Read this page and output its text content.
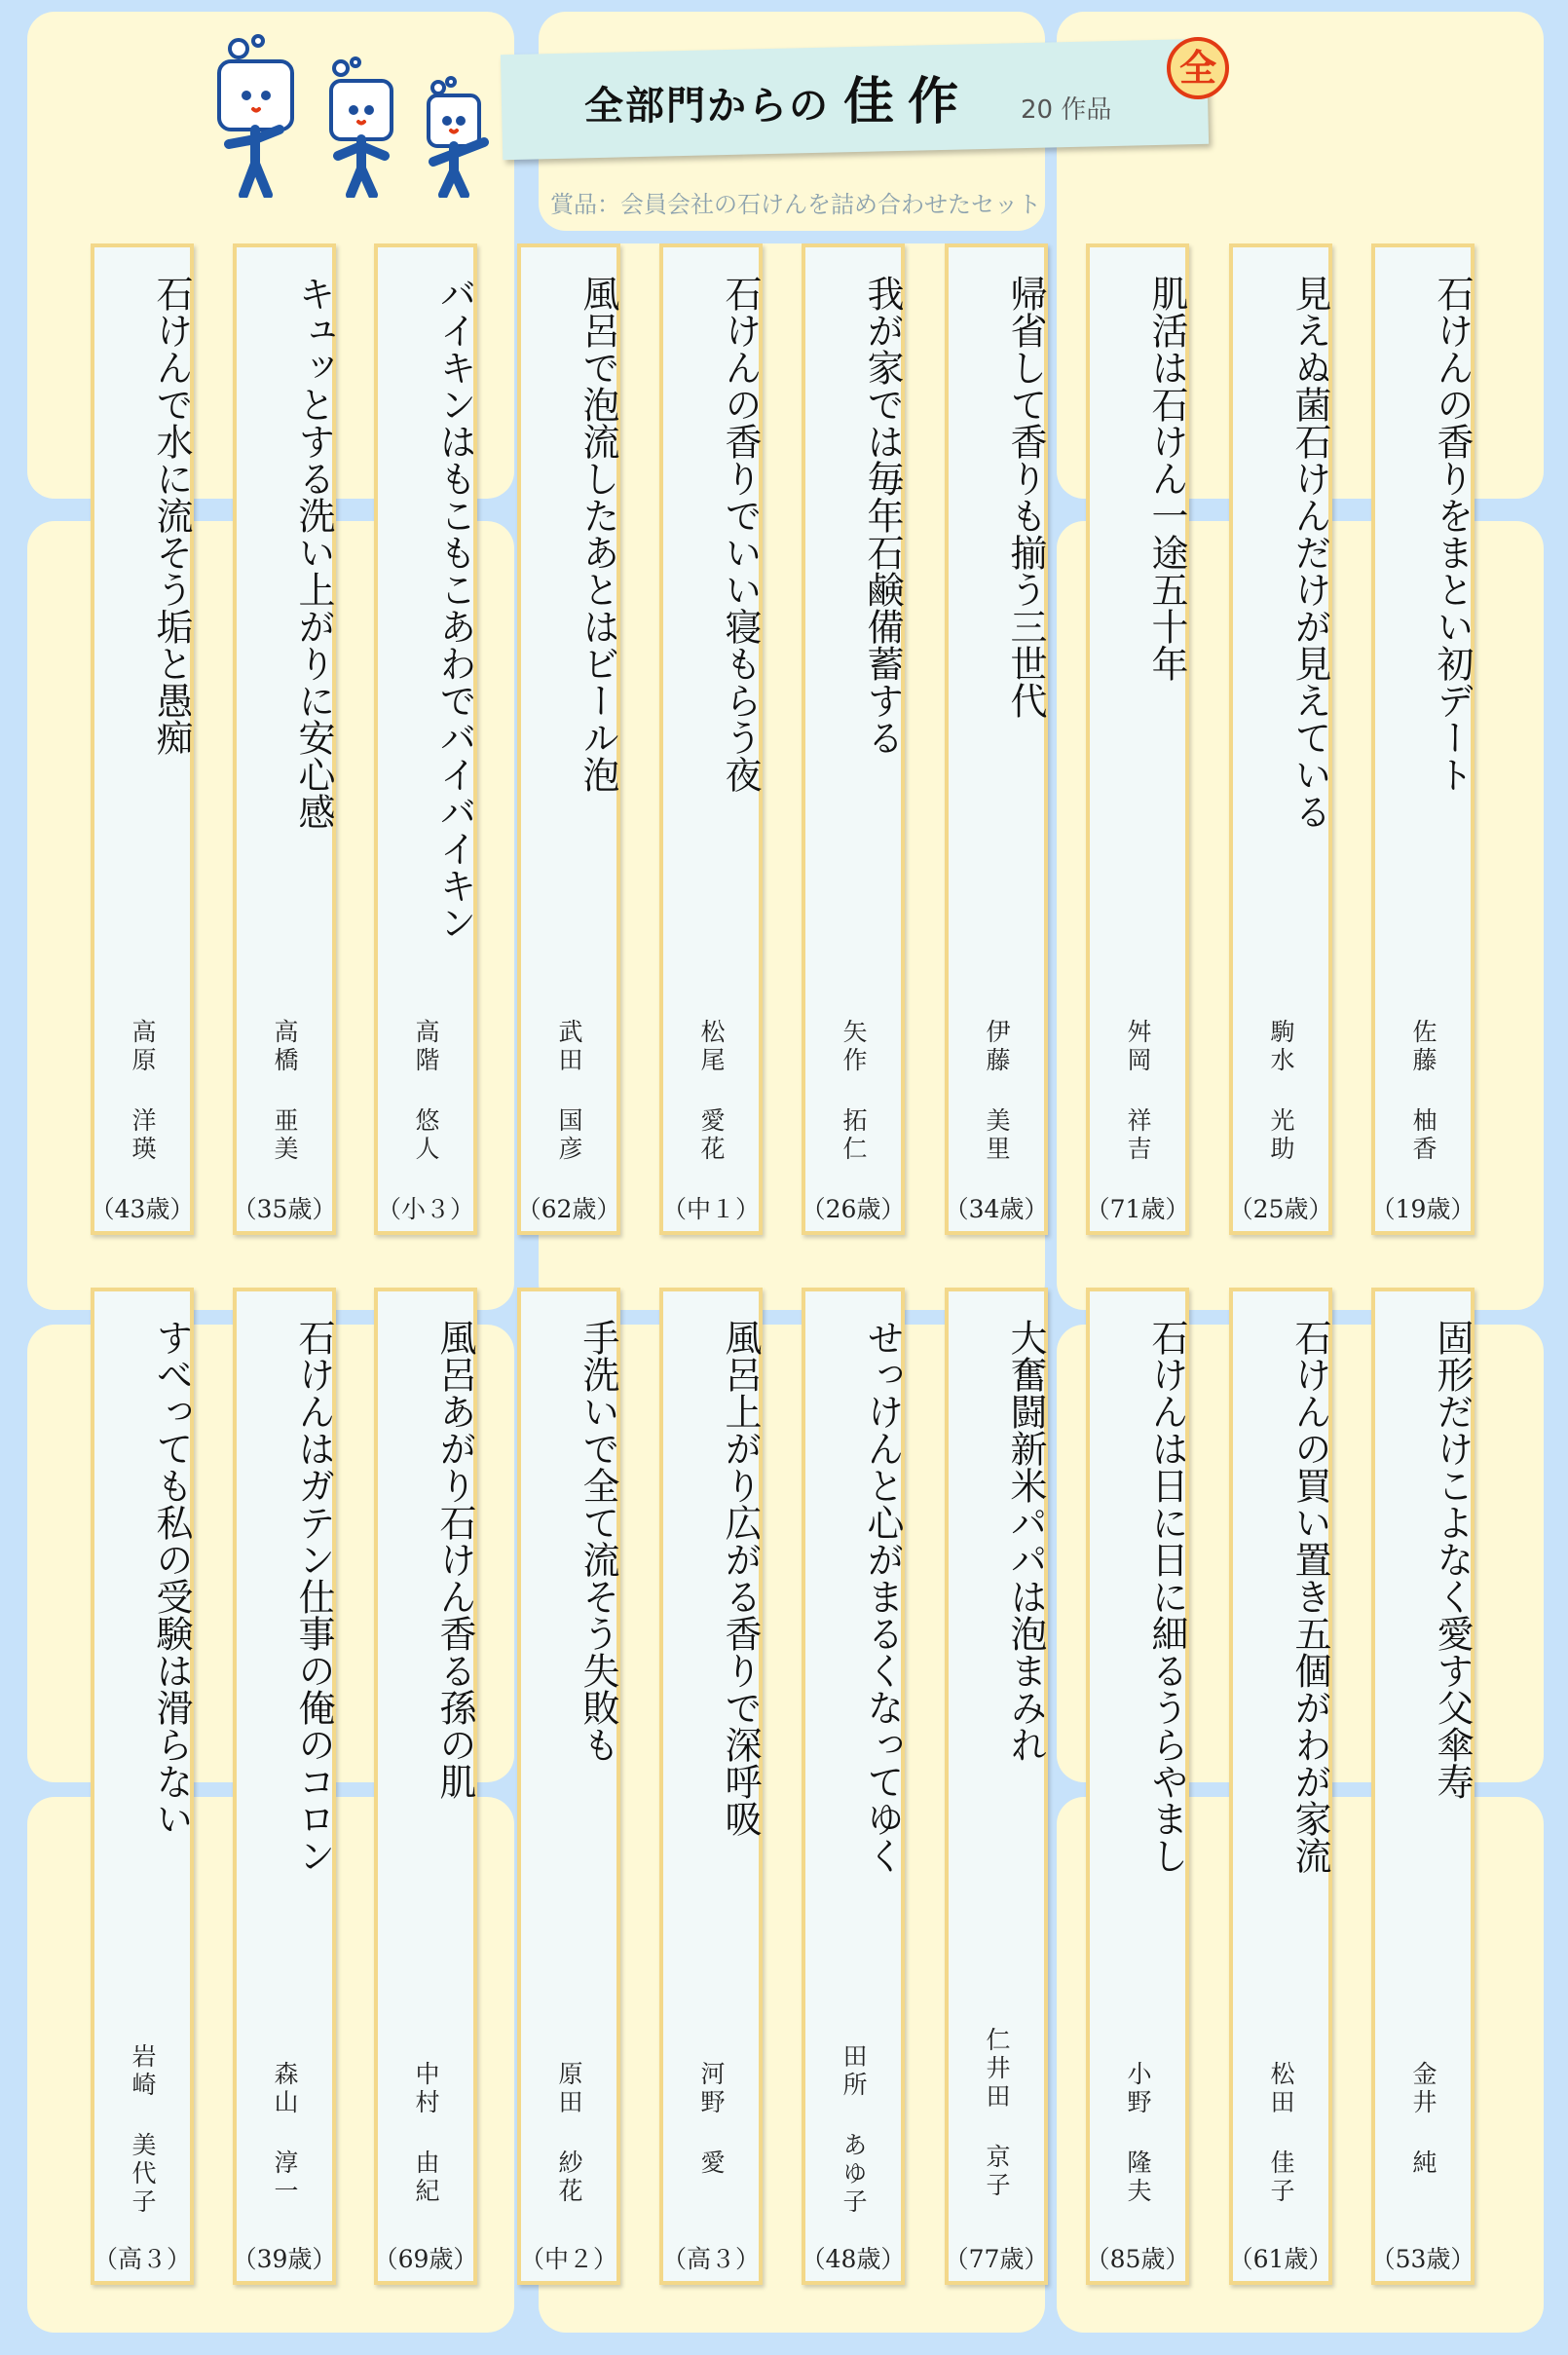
全部門からの 佳作 20 作品
全
賞品：会員会社の石けんを詰め合わせたセット
石けんで水に流そう垢と愚痴
高原 洋瑛
（43歳）
キュッとする洗い上がりに安心感
高橋 亜美
（35歳）
バイキンはもこもこあわでバイバイキン
高階 悠人
（小３）
風呂で泡流したあとはビール泡
武田 国彦
（62歳）
石けんの香りでいい寝もらう夜
松尾 愛花
（中１）
我が家では毎年石鹸備蓄する
矢作 拓仁
（26歳）
帰省して香りも揃う三世代
伊藤 美里
（34歳）
肌活は石けん一途五十年
舛岡 祥吉
（71歳）
見えぬ菌石けんだけが見えている
駒水 光助
（25歳）
石けんの香りをまとい初デート
佐藤 柚香
（19歳）
すべっても私の受験は滑らない
岩崎 美代子
（高３）
石けんはガテン仕事の俺のコロン
森山 淳一
（39歳）
風呂あがり石けん香る孫の肌
中村 由紀
（69歳）
手洗いで全て流そう失敗も
原田 紗花
（中２）
風呂上がり広がる香りで深呼吸
河野 愛
（高３）
せっけんと心がまるくなってゆく
田所 あゆ子
（48歳）
大奮闘新米パパは泡まみれ
仁井田 京子
（77歳）
石けんは日に日に細るうらやまし
小野 隆夫
（85歳）
石けんの買い置き五個がわが家流
松田 佳子
（61歳）
固形だけこよなく愛す父傘寿
金井 純
（53歳）
